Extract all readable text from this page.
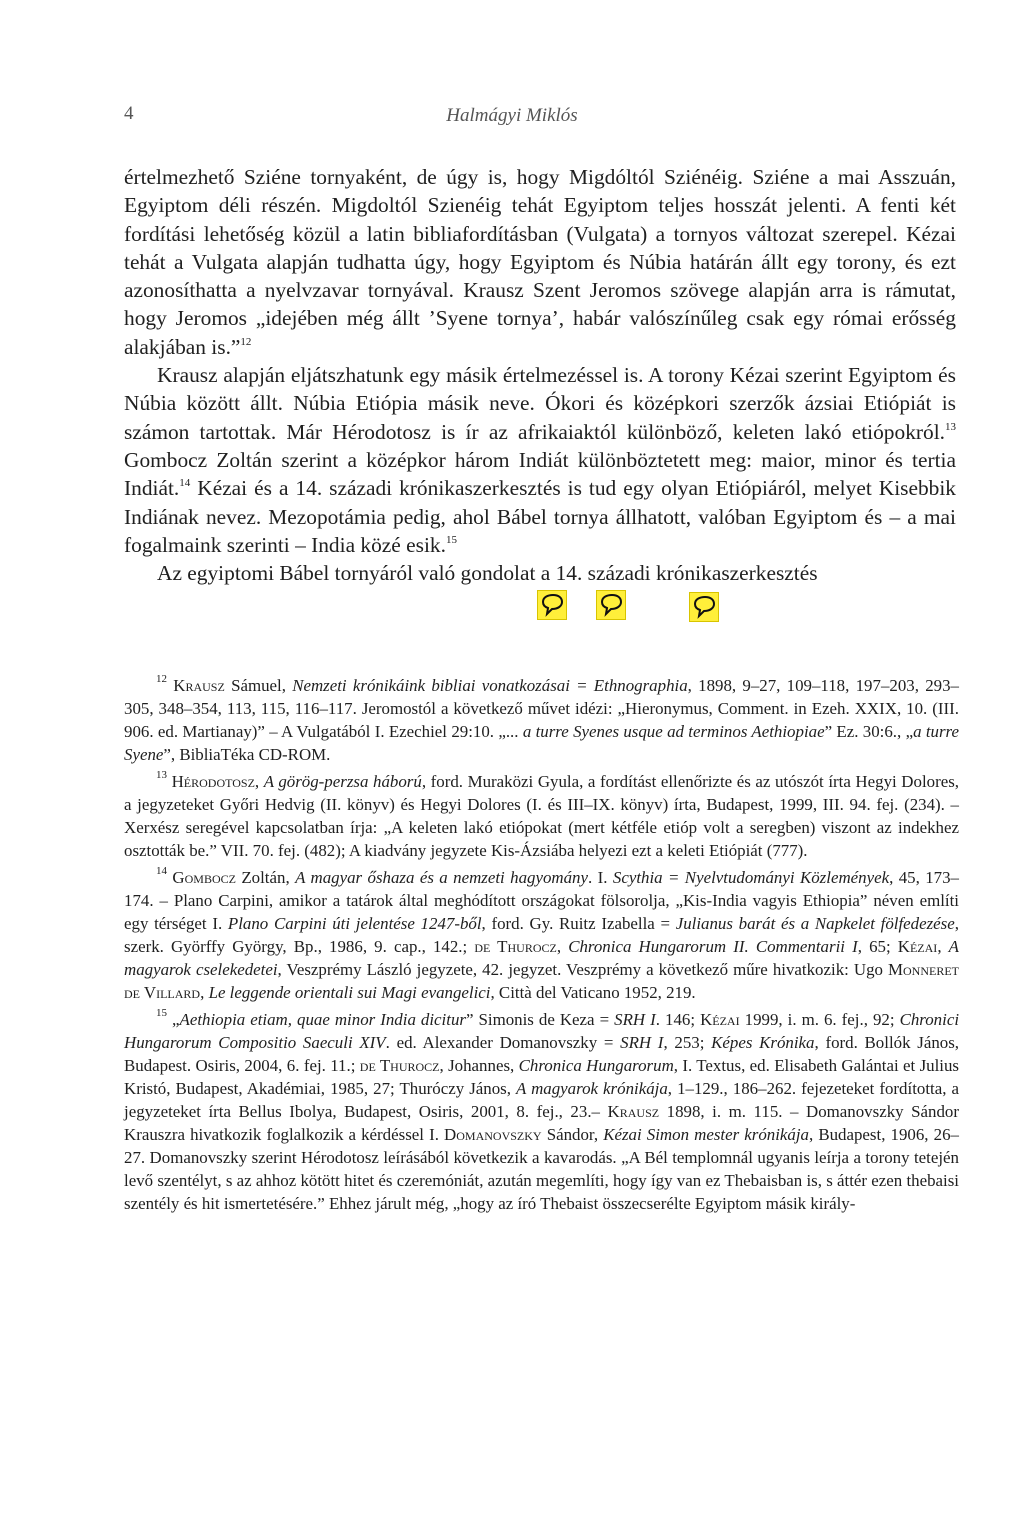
4	Halmágyi Miklós

értelmezhető Sziéne tornyaként, de úgy is, hogy Migdóltól Sziénéig. Sziéne a mai Asszuán, Egyiptom déli részén. Migdoltól Szienéig tehát Egyiptom teljes hosszát jelenti. A fenti két fordítási lehetőség közül a latin bibliafordításban (Vulgata) a tornyos változat szerepel. Kézai tehát a Vulgata alapján tudhatta úgy, hogy Egyiptom és Núbia határán állt egy torony, és ezt azonosíthatta a nyelvzavar tornyával. Krausz Szent Jeromos szövege alapján arra is rámutat, hogy Jeromos „idejében még állt ’Syene tornya’, habár valószínűleg csak egy római erősség alakjában is.”$^{12}$

Krausz alapján eljátszhatunk egy másik értelmezéssel is. A torony Kézai szerint Egyiptom és Núbia között állt. Núbia Etiópia másik neve. Ókori és középkori szerzők ázsiai Etiópiát is számon tartottak. Már Hérodotosz is ír az afrikaiaktól különböző, keleten lakó etiópokról.$^{13}$ Gombocz Zoltán szerint a középkor három Indiát különböztetett meg: maior, minor és tertia Indiát.$^{14}$ Kézai és a 14. századi krónikaszerkesztés is tud egy olyan Etiópiáról, melyet Kisebbik Indiának nevez. Mezopotámia pedig, ahol Bábel tornya állhatott, valóban Egyiptom és – a mai fogalmaink szerinti – India közé esik.$^{15}$

Az egyiptomi Bábel tornyáról való gondolat a 14. századi krónikaszerkesztés

$^{12}$ Krausz Sámuel, Nemzeti krónikáink bibliai vonatkozásai = Ethnographia, 1898, 9–27, 109–118, 197–203, 293–305, 348–354, 113, 115, 116–117. Jeromostól a következő művet idézi: „Hieronymus, Comment. in Ezeh. XXIX, 10. (III. 906. ed. Martianay)” – A Vulgatából I. Ezechiel 29:10. „... a turre Syenes usque ad terminos Aethiopiae” Ez. 30:6., „a turre Syene”, BibliaTéka CD-ROM.

$^{13}$ Hérodotosz, A görög-perzsa háború, ford. Muraközi Gyula, a fordítást ellenőrizte és az utószót írta Hegyi Dolores, a jegyzeteket Győri Hedvig (II. könyv) és Hegyi Dolores (I. és III–IX. könyv) írta, Budapest, 1999, III. 94. fej. (234). – Xerxész seregével kapcsolatban írja: „A keleten lakó etiópokat (mert kétféle etióp volt a seregben) viszont az indekhez osztották be.” VII. 70. fej. (482); A kiadvány jegyzete Kis-Ázsiába helyezi ezt a keleti Etiópiát (777).

$^{14}$ Gombocz Zoltán, A magyar őshaza és a nemzeti hagyomány. I. Scythia = Nyelvtudományi Közlemények, 45, 173–174. – Plano Carpini, amikor a tatárok által meghódított országokat fölsorolja, „Kis-India vagyis Ethiopia” néven említi egy térséget I. Plano Carpini úti jelentése 1247-ből, ford. Gy. Ruitz Izabella = Julianus barát és a Napkelet fölfedezése, szerk. Györffy György, Bp., 1986, 9. cap., 142.; de Thurocz, Chronica Hungarorum II. Commentarii I, 65; Kézai, A magyarok cselekedetei, Veszprémy László jegyzete, 42. jegyzet. Veszprémy a következő műre hivatkozik: Ugo Monneret de Villard, Le leggende orientali sui Magi evangelici, Città del Vaticano 1952, 219.

$^{15}$ „Aethiopia etiam, quae minor India dicitur” Simonis de Keza = SRH I. 146; Kézai 1999, i. m. 6. fej., 92; Chronici Hungarorum Compositio Saeculi XIV. ed. Alexander Domanovszky = SRH I, 253; Képes Krónika, ford. Bollók János, Budapest. Osiris, 2004, 6. fej. 11.; de Thurocz, Johannes, Chronica Hungarorum, I. Textus, ed. Elisabeth Galántai et Julius Kristó, Budapest, Akadémiai, 1985, 27; Thuróczy János, A magyarok krónikája, 1–129., 186–262. fejezeteket fordította, a jegyzeteket írta Bellus Ibolya, Budapest, Osiris, 2001, 8. fej., 23.– Krausz 1898, i. m. 115. – Domanovszky Sándor Krauszra hivatkozik foglalkozik a kérdéssel I. Domanovszky Sándor, Kézai Simon mester krónikája, Budapest, 1906, 26–27. Domanovszky szerint Hérodotosz leírásából következik a kavarodás. „A Bél templomnál ugyanis leírja a torony tetején levő szentélyt, s az ahhoz kötött hitet és czeremóniát, azután megemlíti, hogy így van ez Thebaisban is, s áttér ezen thebaisi szentély és hit ismertetésére.” Ehhez járult még, „hogy az író Thebaist összecserélte Egyiptom másik király-
